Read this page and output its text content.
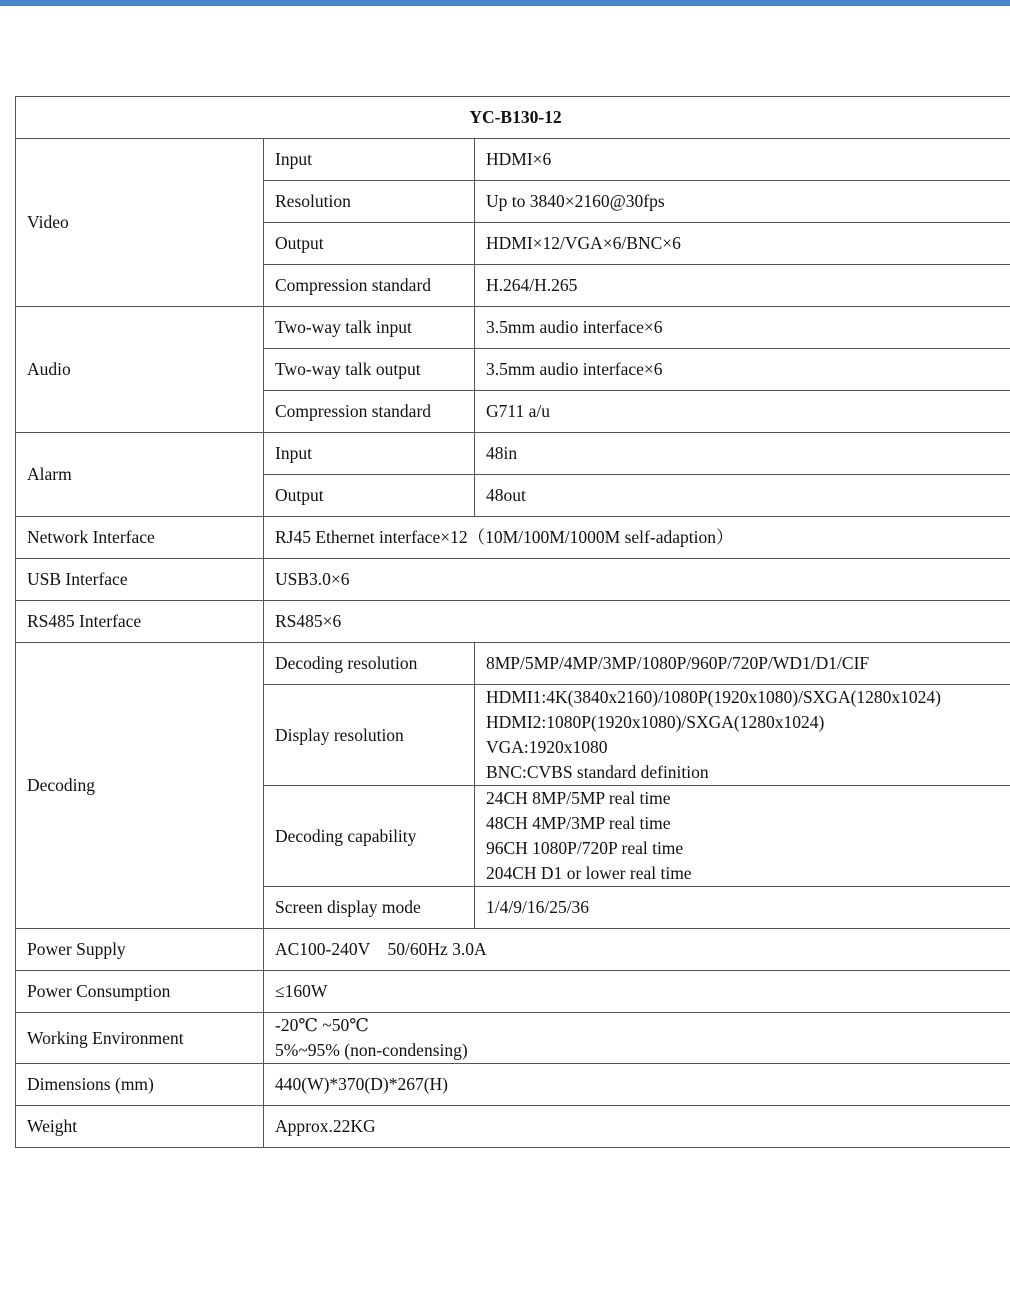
YC-B130-12		
Video	Input	HDMI×6
	Resolution	Up to 3840×2160@30fps
	Output	HDMI×12/VGA×6/BNC×6
	Compression standard	H.264/H.265
Audio	Two-way talk input	3.5mm audio interface×6
	Two-way talk output	3.5mm audio interface×6
	Compression standard	G711 a/u
Alarm	Input	48in
	Output	48out
Network Interface	RJ45 Ethernet interface×12（10M/100M/1000M self-adaption）	
USB Interface	USB3.0×6	
RS485 Interface	RS485×6	
Decoding	Decoding resolution	8MP/5MP/4MP/3MP/1080P/960P/720P/WD1/D1/CIF
	Display resolution	HDMI1:4K(3840x2160)/1080P(1920x1080)/SXGA(1280x1024)
HDMI2:1080P(1920x1080)/SXGA(1280x1024)
VGA:1920x1080
BNC:CVBS standard definition

	Decoding capability	24CH 8MP/5MP real time
48CH 4MP/3MP real time
96CH 1080P/720P real time
204CH D1 or lower real time

	Screen display mode	1/4/9/16/25/36
Power Supply	AC100-240V    50/60Hz 3.0A	
Power Consumption	≤160W	
Working Environment	-20℃ ~50℃
5%~95% (non-condensing)	

Dimensions (mm)	440(W)*370(D)*267(H)	
Weight	Approx.22KG	
